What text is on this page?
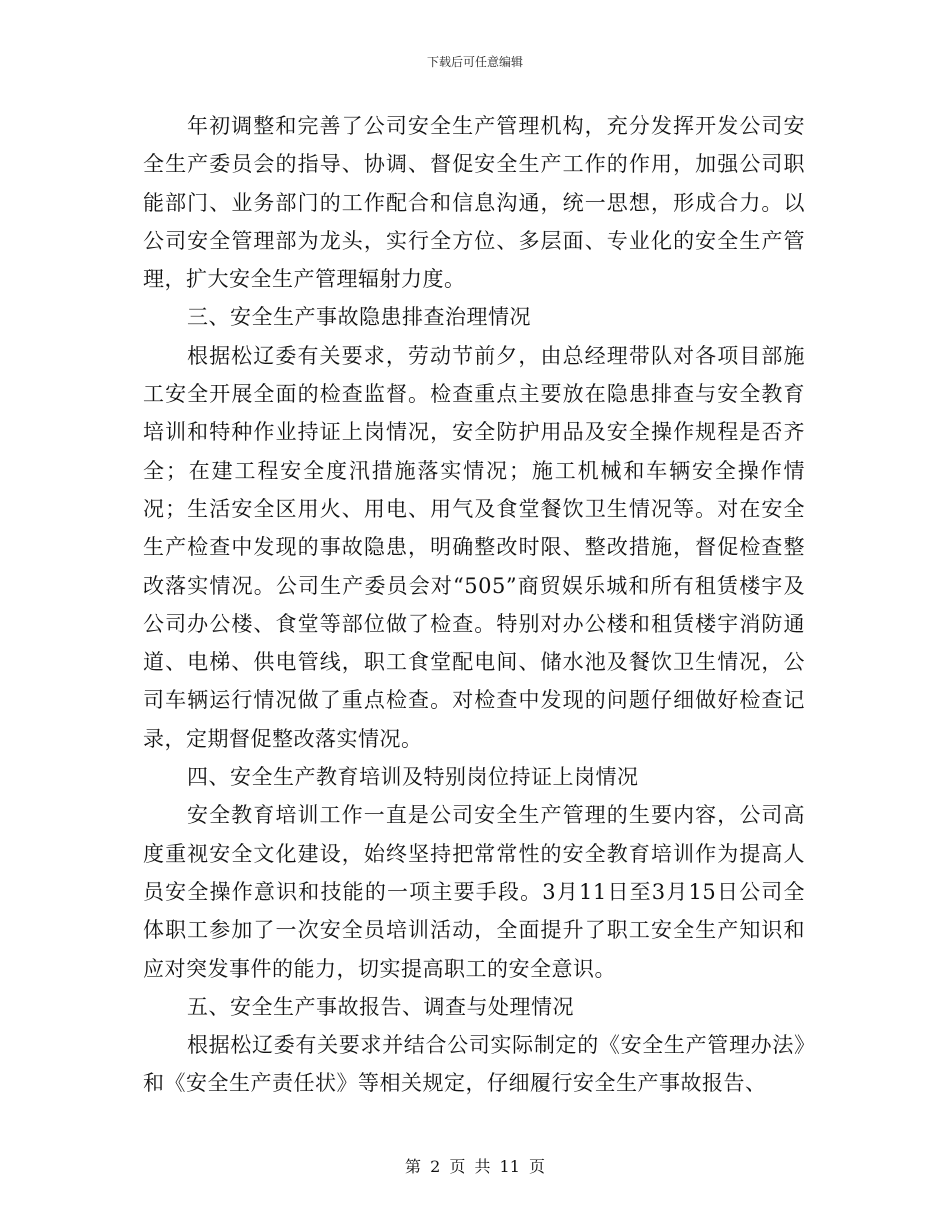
下载后可任意编辑

年初调整和完善了公司安全生产管理机构，充分发挥开发公司安全生产委员会的指导、协调、督促安全生产工作的作用，加强公司职能部门、业务部门的工作配合和信息沟通，统一思想，形成合力。以公司安全管理部为龙头，实行全方位、多层面、专业化的安全生产管理，扩大安全生产管理辐射力度。

三、安全生产事故隐患排查治理情况

根据松辽委有关要求，劳动节前夕，由总经理带队对各项目部施工安全开展全面的检查监督。检查重点主要放在隐患排查与安全教育培训和特种作业持证上岗情况，安全防护用品及安全操作规程是否齐全；在建工程安全度汛措施落实情况；施工机械和车辆安全操作情况；生活安全区用火、用电、用气及食堂餐饮卫生情况等。对在安全生产检查中发现的事故隐患，明确整改时限、整改措施，督促检查整改落实情况。公司生产委员会对“505”商贸娱乐城和所有租赁楼宇及公司办公楼、食堂等部位做了检查。特别对办公楼和租赁楼宇消防通道、电梯、供电管线，职工食堂配电间、储水池及餐饮卫生情况，公司车辆运行情况做了重点检查。对检查中发现的问题仔细做好检查记录，定期督促整改落实情况。

四、安全生产教育培训及特别岗位持证上岗情况

安全教育培训工作一直是公司安全生产管理的生要内容，公司高度重视安全文化建设，始终坚持把常常性的安全教育培训作为提高人员安全操作意识和技能的一项主要手段。3月11日至3月15日公司全体职工参加了一次安全员培训活动，全面提升了职工安全生产知识和应对突发事件的能力，切实提高职工的安全意识。

五、安全生产事故报告、调查与处理情况

根据松辽委有关要求并结合公司实际制定的《安全生产管理办法》和《安全生产责任状》等相关规定，仔细履行安全生产事故报告、

第 2 页 共 11 页
